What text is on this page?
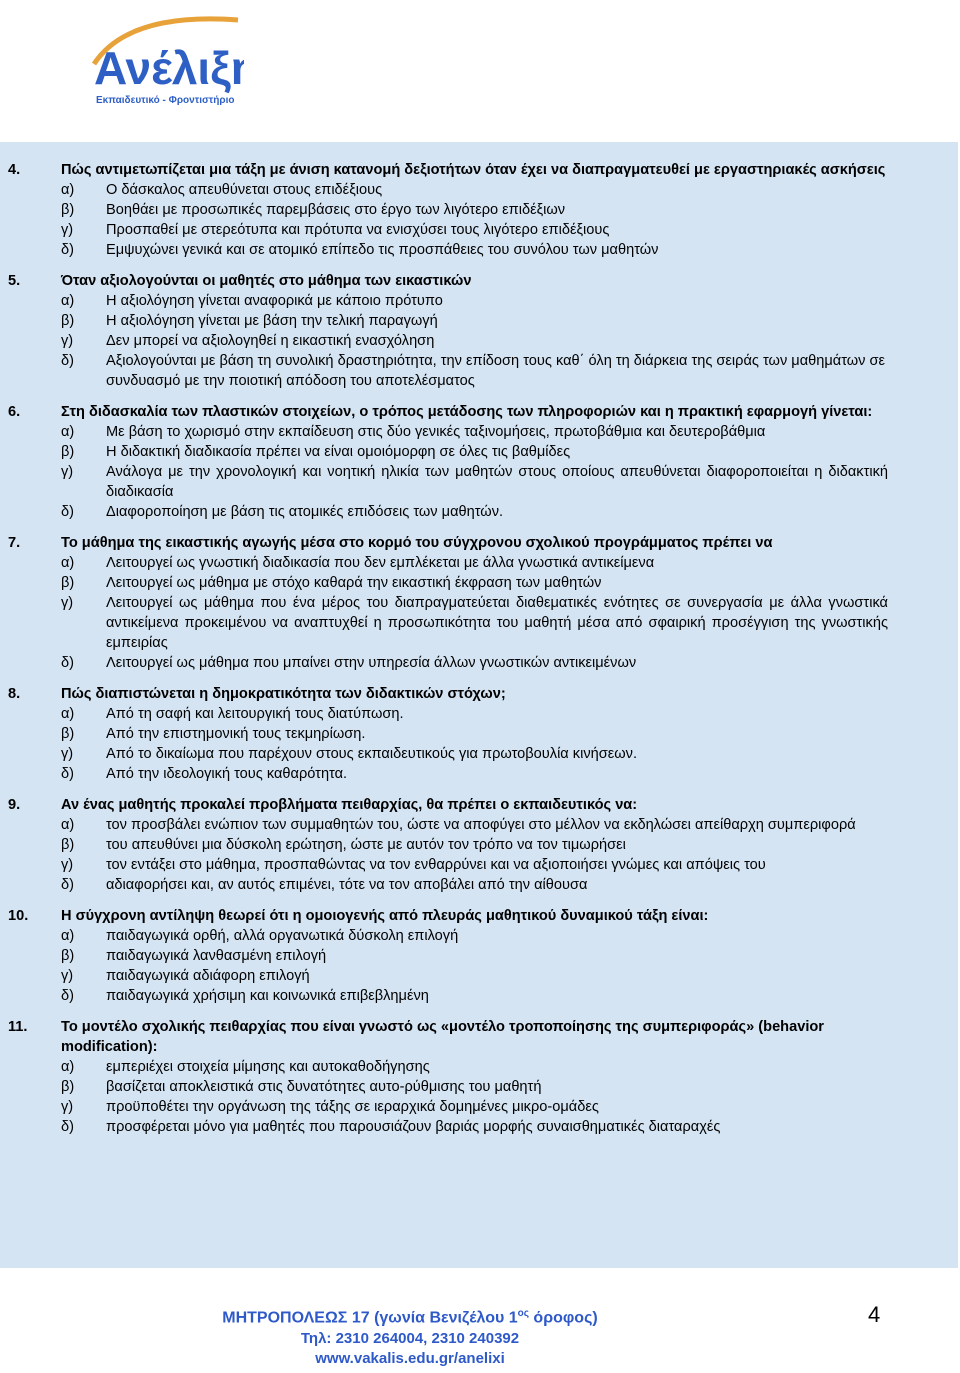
Ανέλιξη
Εκπαιδευτικό - Φροντιστήριο
4.	Πώς αντιμετωπίζεται μια τάξη με άνιση κατανομή δεξιοτήτων όταν έχει να διαπραγματευθεί με εργαστηριακές ασκήσεις
α)	Ο δάσκαλος απευθύνεται στους επιδέξιους
β)	Βοηθάει με προσωπικές παρεμβάσεις στο έργο των λιγότερο επιδέξιων
γ)	Προσπαθεί με στερεότυπα και πρότυπα να ενισχύσει τους λιγότερο επιδέξιους
δ)	Εμψυχώνει γενικά και σε ατομικό επίπεδο τις προσπάθειες του συνόλου των μαθητών
5.	Όταν αξιολογούνται οι μαθητές στο μάθημα των εικαστικών
α)	Η αξιολόγηση γίνεται αναφορικά με κάποιο πρότυπο
β)	Η αξιολόγηση γίνεται με βάση την τελική παραγωγή
γ)	Δεν μπορεί να αξιολογηθεί η εικαστική ενασχόληση
δ)	Αξιολογούνται με βάση τη συνολική δραστηριότητα, την επίδοση τους καθ΄ όλη τη διάρκεια της σειράς των μαθημάτων σε συνδυασμό με την ποιοτική απόδοση του αποτελέσματος
6.	Στη διδασκαλία των πλαστικών στοιχείων, ο τρόπος μετάδοσης των πληροφοριών και η πρακτική εφαρμογή γίνεται:
α)	Με βάση το χωρισμό στην εκπαίδευση στις δύο γενικές ταξινομήσεις, πρωτοβάθμια και δευτεροβάθμια
β)	Η διδακτική διαδικασία πρέπει να είναι ομοιόμορφη σε όλες τις βαθμίδες
γ)	Ανάλογα με την χρονολογική και νοητική ηλικία των μαθητών στους οποίους απευθύνεται διαφοροποιείται η διδακτική διαδικασία
δ)	Διαφοροποίηση με βάση τις ατομικές επιδόσεις των μαθητών.
7.	Το μάθημα της εικαστικής αγωγής μέσα στο κορμό του σύγχρονου σχολικού προγράμματος πρέπει να
α)	Λειτουργεί ως γνωστική διαδικασία που δεν εμπλέκεται με άλλα γνωστικά αντικείμενα
β)	Λειτουργεί ως μάθημα με στόχο καθαρά την εικαστική έκφραση των μαθητών
γ)	Λειτουργεί ως μάθημα που ένα μέρος του διαπραγματεύεται διαθεματικές ενότητες σε συνεργασία με άλλα γνωστικά αντικείμενα προκειμένου να αναπτυχθεί η προσωπικότητα του μαθητή μέσα από σφαιρική προσέγγιση της γνωστικής εμπειρίας
δ)	Λειτουργεί ως μάθημα που μπαίνει στην υπηρεσία άλλων γνωστικών αντικειμένων
8.	Πώς διαπιστώνεται η δημοκρατικότητα των διδακτικών στόχων;
α)	Από τη σαφή και λειτουργική τους διατύπωση.
β)	Από την επιστημονική τους τεκμηρίωση.
γ)	Από το δικαίωμα που παρέχουν στους εκπαιδευτικούς για πρωτοβουλία κινήσεων.
δ)	Από την ιδεολογική τους καθαρότητα.
9.	Αν ένας μαθητής προκαλεί προβλήματα πειθαρχίας, θα πρέπει ο εκπαιδευτικός να:
α)	τον προσβάλει ενώπιον των συμμαθητών του, ώστε να αποφύγει στο μέλλον να εκδηλώσει απείθαρχη συμπεριφορά
β)	του απευθύνει μια δύσκολη ερώτηση, ώστε με αυτόν τον τρόπο να τον τιμωρήσει
γ)	τον εντάξει στο μάθημα, προσπαθώντας να τον ενθαρρύνει και να αξιοποιήσει γνώμες και απόψεις του
δ)	αδιαφορήσει και, αν αυτός επιμένει, τότε να τον αποβάλει από την αίθουσα
10.	Η σύγχρονη αντίληψη θεωρεί ότι η ομοιογενής από πλευράς μαθητικού δυναμικού τάξη είναι:
α)	παιδαγωγικά ορθή, αλλά οργανωτικά δύσκολη επιλογή
β)	παιδαγωγικά λανθασμένη επιλογή
γ)	παιδαγωγικά αδιάφορη επιλογή
δ)	παιδαγωγικά χρήσιμη και κοινωνικά επιβεβλημένη
11.	Το μοντέλο σχολικής πειθαρχίας που είναι γνωστό ως «μοντέλο τροποποίησης της συμπεριφοράς» (behavior modification):
α)	εμπεριέχει στοιχεία μίμησης και αυτοκαθοδήγησης
β)	βασίζεται αποκλειστικά στις δυνατότητες αυτο-ρύθμισης του μαθητή
γ)	προϋποθέτει την οργάνωση της τάξης σε ιεραρχικά δομημένες μικρο-ομάδες
δ)	προσφέρεται μόνο για μαθητές που παρουσιάζουν βαριάς μορφής συναισθηματικές διαταραχές
ΜΗΤΡΟΠΟΛΕΩΣ 17 (γωνία Βενιζέλου $1^{o\varsigma}$ όροφος)
Τηλ: 2310 264004, 2310 240392
www.vakalis.edu.gr/anelixi
4
